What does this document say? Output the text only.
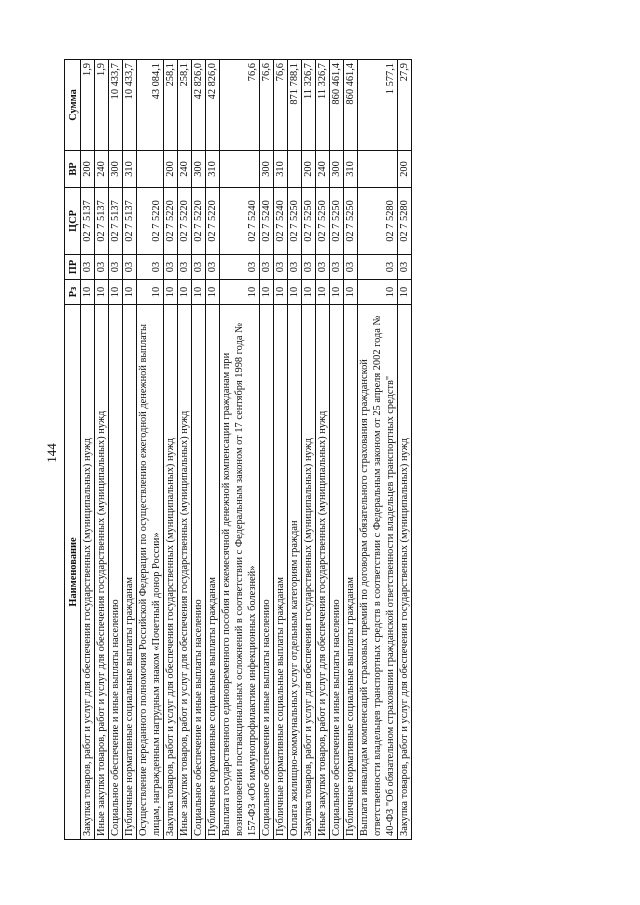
144
Наименование	Рз	ПР	ЦСР	ВР	Сумма
Закупка товаров, работ и услуг для обеспечения государственных (муниципальных) нужд	10	03	02 7 5137	200	1,9
Иные закупки товаров, работ и услуг для обеспечения государственных (муниципальных) нужд	10	03	02 7 5137	240	1,9
Социальное обеспечение и иные выплаты населению	10	03	02 7 5137	300	10 433,7
Публичные нормативные социальные выплаты гражданам	10	03	02 7 5137	310	10 433,7
Осуществление переданного полномочия Российской Федерации по осуществлению ежегодной денежной выплаты лицам, награжденным нагрудным знаком «Почетный донор России»	10	03	02 7 5220		43 084,1
Закупка товаров, работ и услуг для обеспечения государственных (муниципальных) нужд	10	03	02 7 5220	200	258,1
Иные закупки товаров, работ и услуг для обеспечения государственных (муниципальных) нужд	10	03	02 7 5220	240	258,1
Социальное обеспечение и иные выплаты населению	10	03	02 7 5220	300	42 826,0
Публичные нормативные социальные выплаты гражданам	10	03	02 7 5220	310	42 826,0
Выплата государственного единовременного пособия и ежемесячной денежной компенсации гражданам при возникновении поствакцинальных осложнений в соответствии с Федеральным законом от 17 сентября 1998 года № 157-ФЗ «Об иммунопрофилактике инфекционных болезней»	10	03	02 7 5240		76,6
Социальное обеспечение и иные выплаты населению	10	03	02 7 5240	300	76,6
Публичные нормативные социальные выплаты гражданам	10	03	02 7 5240	310	76,6
Оплата жилищно-коммунальных услуг отдельным категориям граждан	10	03	02 7 5250		871 788,1
Закупка товаров, работ и услуг для обеспечения государственных (муниципальных) нужд	10	03	02 7 5250	200	11 326,7
Иные закупки товаров, работ и услуг для обеспечения государственных (муниципальных) нужд	10	03	02 7 5250	240	11 326,7
Социальное обеспечение и иные выплаты населению	10	03	02 7 5250	300	860 461,4
Публичные нормативные социальные выплаты гражданам	10	03	02 7 5250	310	860 461,4
Выплата инвалидам компенсаций страховых премий по договорам обязательного страхования гражданской ответственности владельцев транспортных средств в соответствии с Федеральным законом от 25 апреля 2002 года № 40-ФЗ "Об обязательном страховании гражданской ответственности владельцев транспортных средств"	10	03	02 7 5280		1 577,1
Закупка товаров, работ и услуг для обеспечения государственных (муниципальных) нужд	10	03	02 7 5280	200	27,9
